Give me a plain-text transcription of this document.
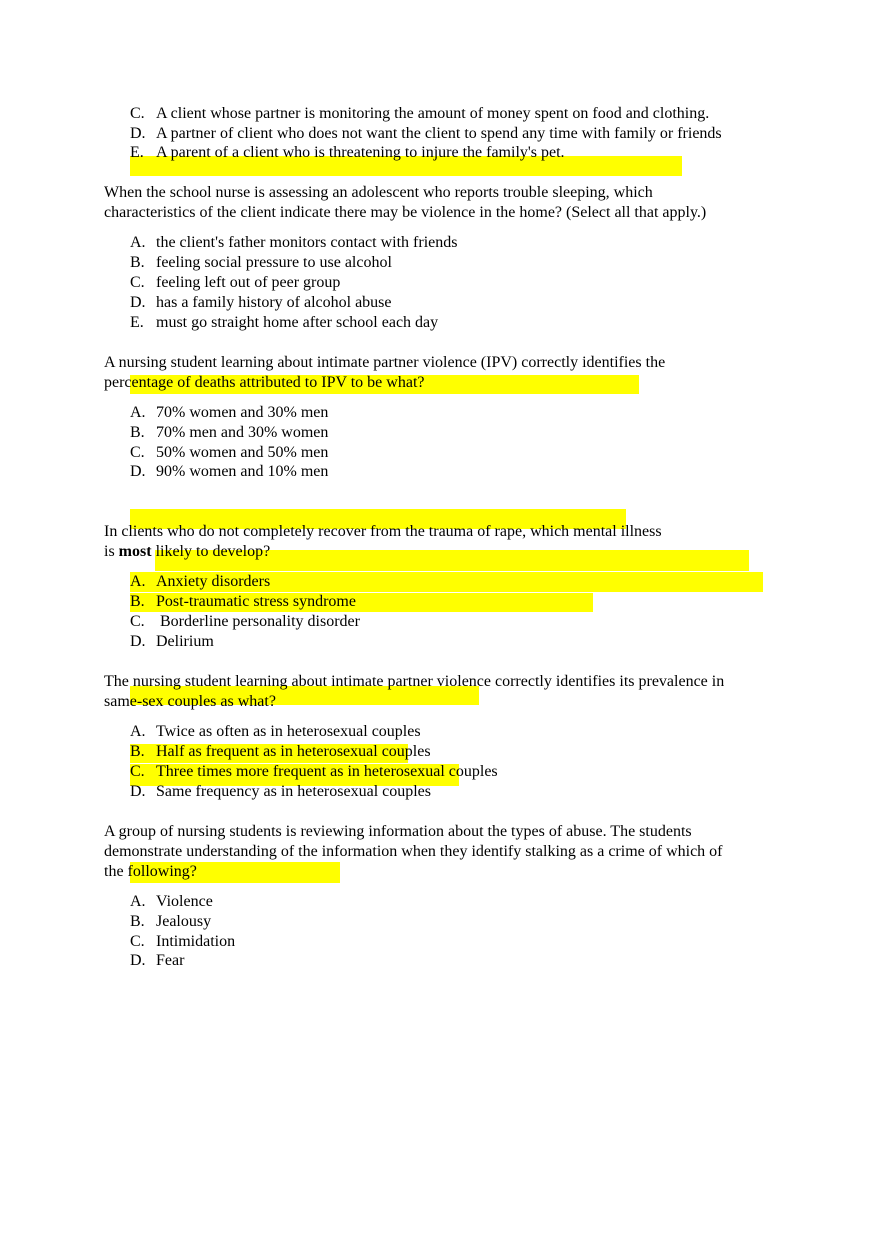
C. A client whose partner is monitoring the amount of money spent on food and clothing.
D. A partner of client who does not want the client to spend any time with family or friends
E. A parent of a client who is threatening to injure the family's pet.
When the school nurse is assessing an adolescent who reports trouble sleeping, which
characteristics of the client indicate there may be violence in the home? (Select all that apply.)
A. the client's father monitors contact with friends
B. feeling social pressure to use alcohol
C. feeling left out of peer group
D. has a family history of alcohol abuse
E. must go straight home after school each day
A nursing student learning about intimate partner violence (IPV) correctly identifies the
percentage of deaths attributed to IPV to be what?
A. 70% women and 30% men
B. 70% men and 30% women
C. 50% women and 50% men
D. 90% women and 10% men
In clients who do not completely recover from the trauma of rape, which mental illness
is most likely to develop?
A. Anxiety disorders
B. Post-traumatic stress syndrome
C. Borderline personality disorder
D. Delirium
The nursing student learning about intimate partner violence correctly identifies its prevalence in
same-sex couples as what?
A. Twice as often as in heterosexual couples
B. Half as frequent as in heterosexual couples
C. Three times more frequent as in heterosexual couples
D. Same frequency as in heterosexual couples
A group of nursing students is reviewing information about the types of abuse. The students
demonstrate understanding of the information when they identify stalking as a crime of which of
the following?
A. Violence
B. Jealousy
C. Intimidation
D. Fear
